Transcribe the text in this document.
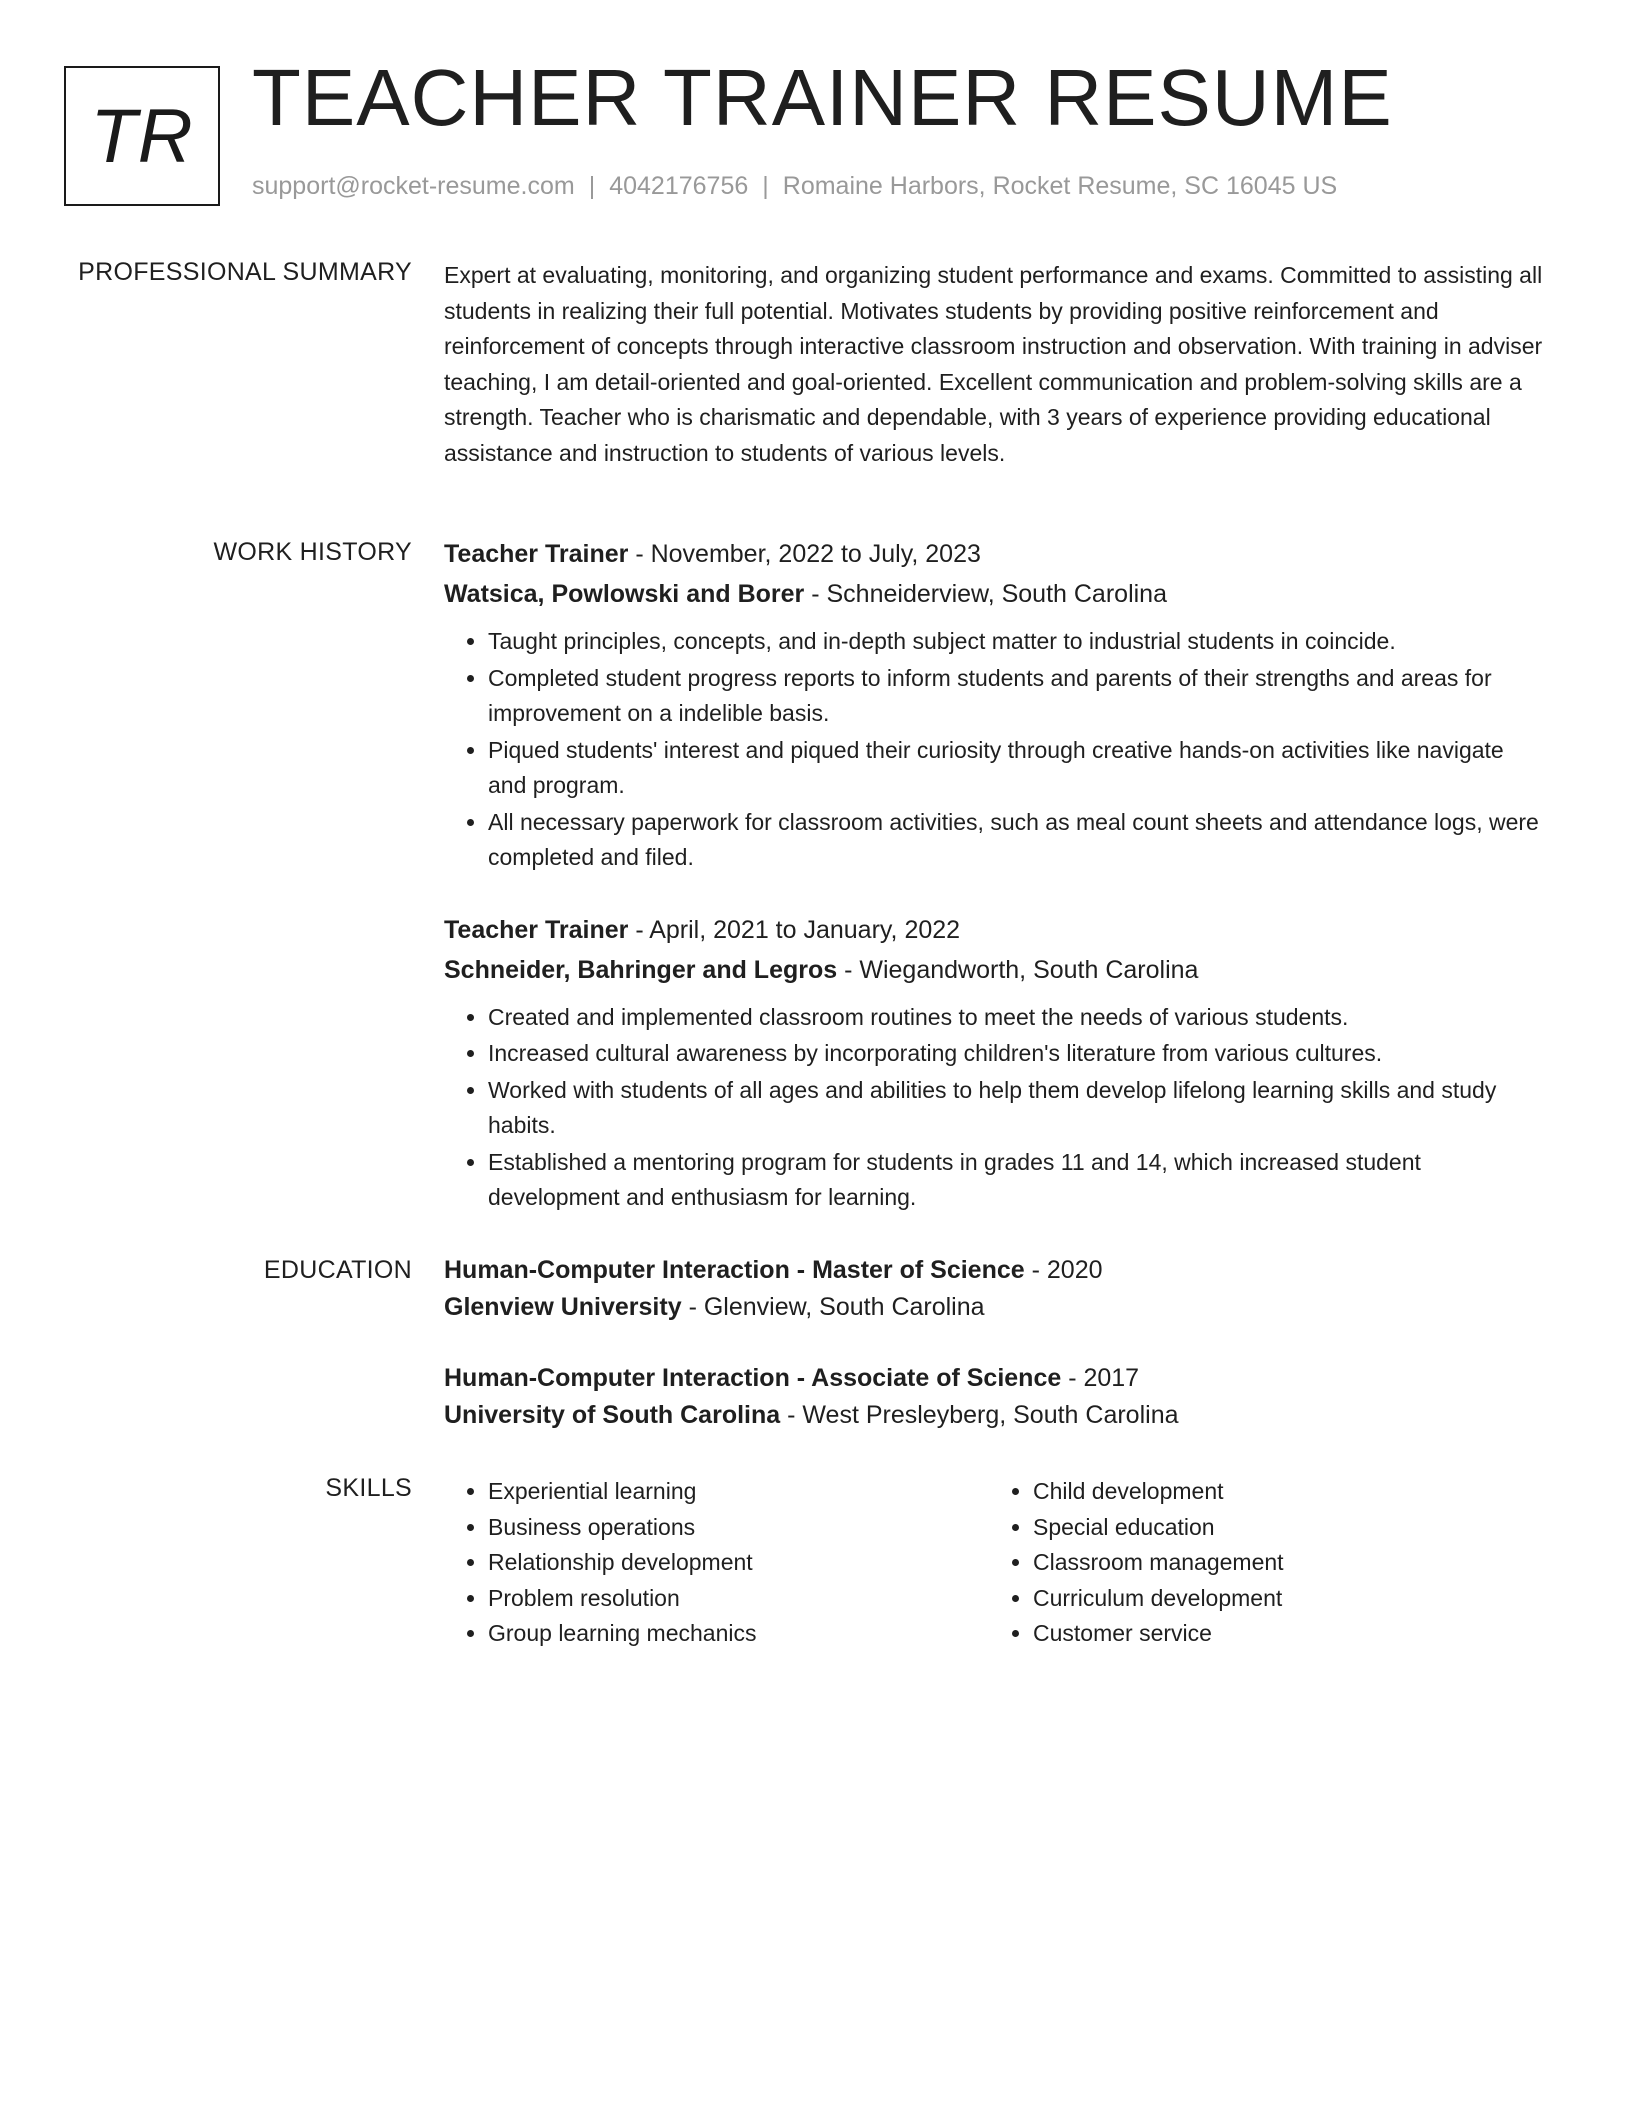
TR TEACHER TRAINER RESUME
support@rocket-resume.com | 4042176756 | Romaine Harbors, Rocket Resume, SC 16045 US
PROFESSIONAL SUMMARY Expert at evaluating, monitoring, and organizing student performance and exams. Committed to assisting all students in realizing their full potential. Motivates students by providing positive reinforcement and reinforcement of concepts through interactive classroom instruction and observation. With training in adviser teaching, I am detail-oriented and goal-oriented. Excellent communication and problem-solving skills are a strength. Teacher who is charismatic and dependable, with 3 years of experience providing educational assistance and instruction to students of various levels.

WORK HISTORY Teacher Trainer - November, 2022 to July, 2023
Watsica, Powlowski and Borer - Schneiderview, South Carolina
• Taught principles, concepts, and in-depth subject matter to industrial students in coincide.
• Completed student progress reports to inform students and parents of their strengths and areas for improvement on a indelible basis.
• Piqued students' interest and piqued their curiosity through creative hands-on activities like navigate and program.
• All necessary paperwork for classroom activities, such as meal count sheets and attendance logs, were completed and filed.
Teacher Trainer - April, 2021 to January, 2022
Schneider, Bahringer and Legros - Wiegandworth, South Carolina
• Created and implemented classroom routines to meet the needs of various students.
• Increased cultural awareness by incorporating children's literature from various cultures.
• Worked with students of all ages and abilities to help them develop lifelong learning skills and study habits.
• Established a mentoring program for students in grades 11 and 14, which increased student development and enthusiasm for learning.
EDUCATION Human-Computer Interaction - Master of Science - 2020
Glenview University - Glenview, South Carolina
Human-Computer Interaction - Associate of Science - 2017
University of South Carolina - West Presleyberg, South Carolina
SKILLS
•	Experiential learning
• Business operations
• Relationship development
• Problem resolution
• Group learning mechanics
• Child development
• Special education
• Classroom management
• Curriculum development
• Customer service
